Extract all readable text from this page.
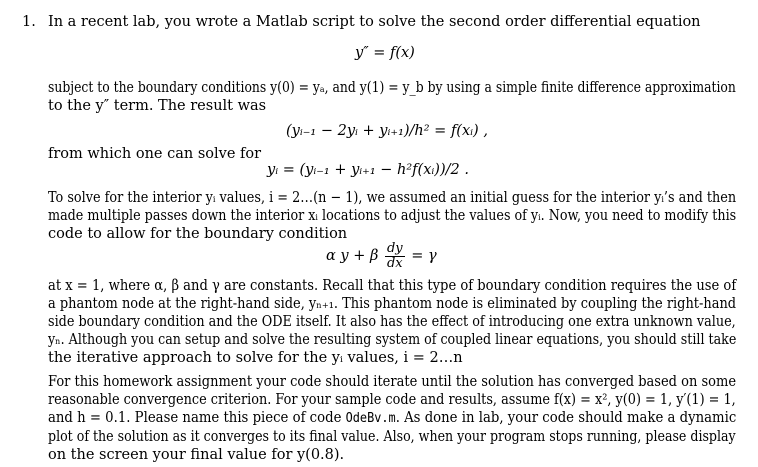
1. In a recent lab, you wrote a Matlab script to solve the second order differential equation
y″ = f(x)
subject to the boundary conditions y(0) = yₐ, and y(1) = y_b by using a simple finite difference approximation
to the y″ term. The result was
(yᵢ₋₁ − 2yᵢ + yᵢ₊₁)/h² = f(xᵢ) ,
from which one can solve for
yᵢ = (yᵢ₋₁ + yᵢ₊₁ − h²f(xᵢ))/2 .
To solve for the interior yᵢ values, i = 2…(n − 1), we assumed an initial guess for the interior yᵢ’s and then
made multiple passes down the interior xᵢ locations to adjust the values of yᵢ. Now, you need to modify this
code to allow for the boundary condition
α y + β $\frac{dy}{dx} = \gamma$
at x = 1, where α, β and γ are constants. Recall that this type of boundary condition requires the use of
a phantom node at the right-hand side, yₙ₊₁. This phantom node is eliminated by coupling the right-hand
side boundary condition and the ODE itself. It also has the effect of introducing one extra unknown value,
yₙ. Although you can setup and solve the resulting system of coupled linear equations, you should still take
the iterative approach to solve for the yᵢ values, i = 2…n
For this homework assignment your code should iterate until the solution has converged based on some
reasonable convergence criterion. For your sample code and results, assume f(x) = x², y(0) = 1, y′(1) = 1,
and h = 0.1. Please name this piece of code OdeBv.m. As done in lab, your code should make a dynamic
plot of the solution as it converges to its final value. Also, when your program stops running, please display
on the screen your final value for y(0.8).
